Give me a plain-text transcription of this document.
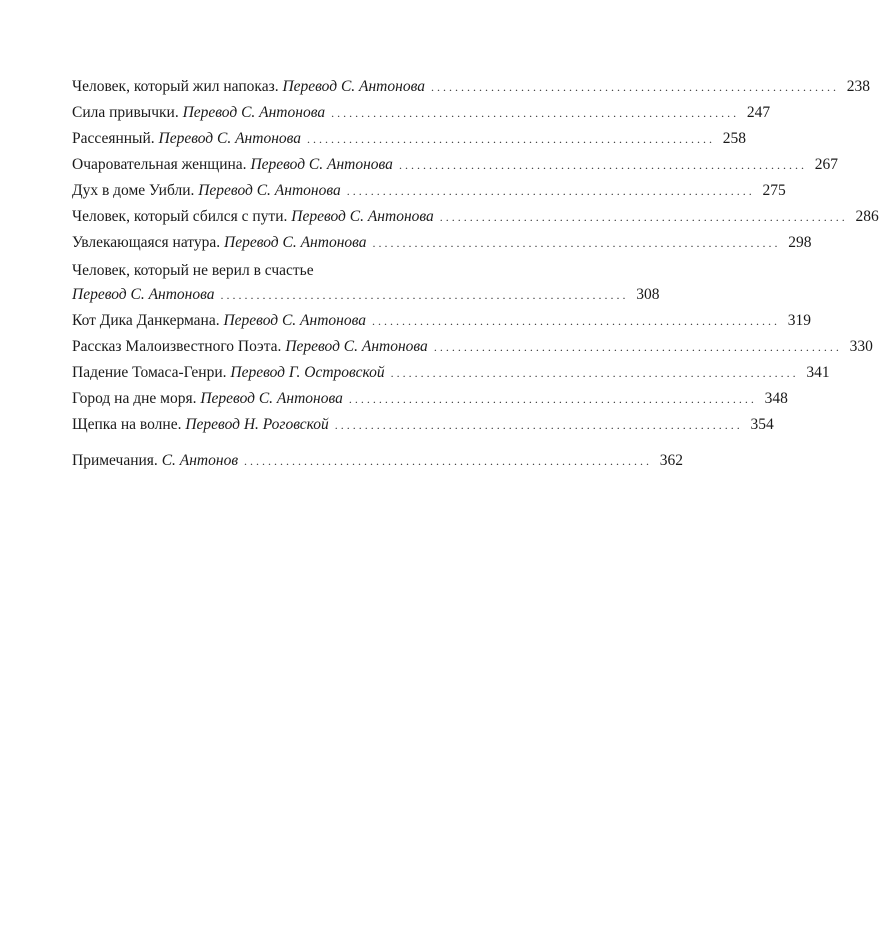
Человек, который жил напоказ. Перевод С. Антонова . . .	238
Сила привычки. Перевод С. Антонова . . .	247
Рассеянный. Перевод С. Антонова . . .	258
Очаровательная женщина. Перевод С. Антонова . . .	267
Дух в доме Уибли. Перевод С. Антонова . . .	275
Человек, который сбился с пути. Перевод С. Антонова . . .	286
Увлекающаяся натура. Перевод С. Антонова . . .	298
Человек, который не верил в счастье
Перевод С. Антонова . . .	308
Кот Дика Данкермана. Перевод С. Антонова . . .	319
Рассказ Малоизвестного Поэта. Перевод С. Антонова . . .	330
Падение Томаса-Генри. Перевод Г. Островской . . .	341
Город на дне моря. Перевод С. Антонова . . .	348
Щепка на волне. Перевод Н. Роговской . . .	354
Примечания. С. Антонов . . .	362
